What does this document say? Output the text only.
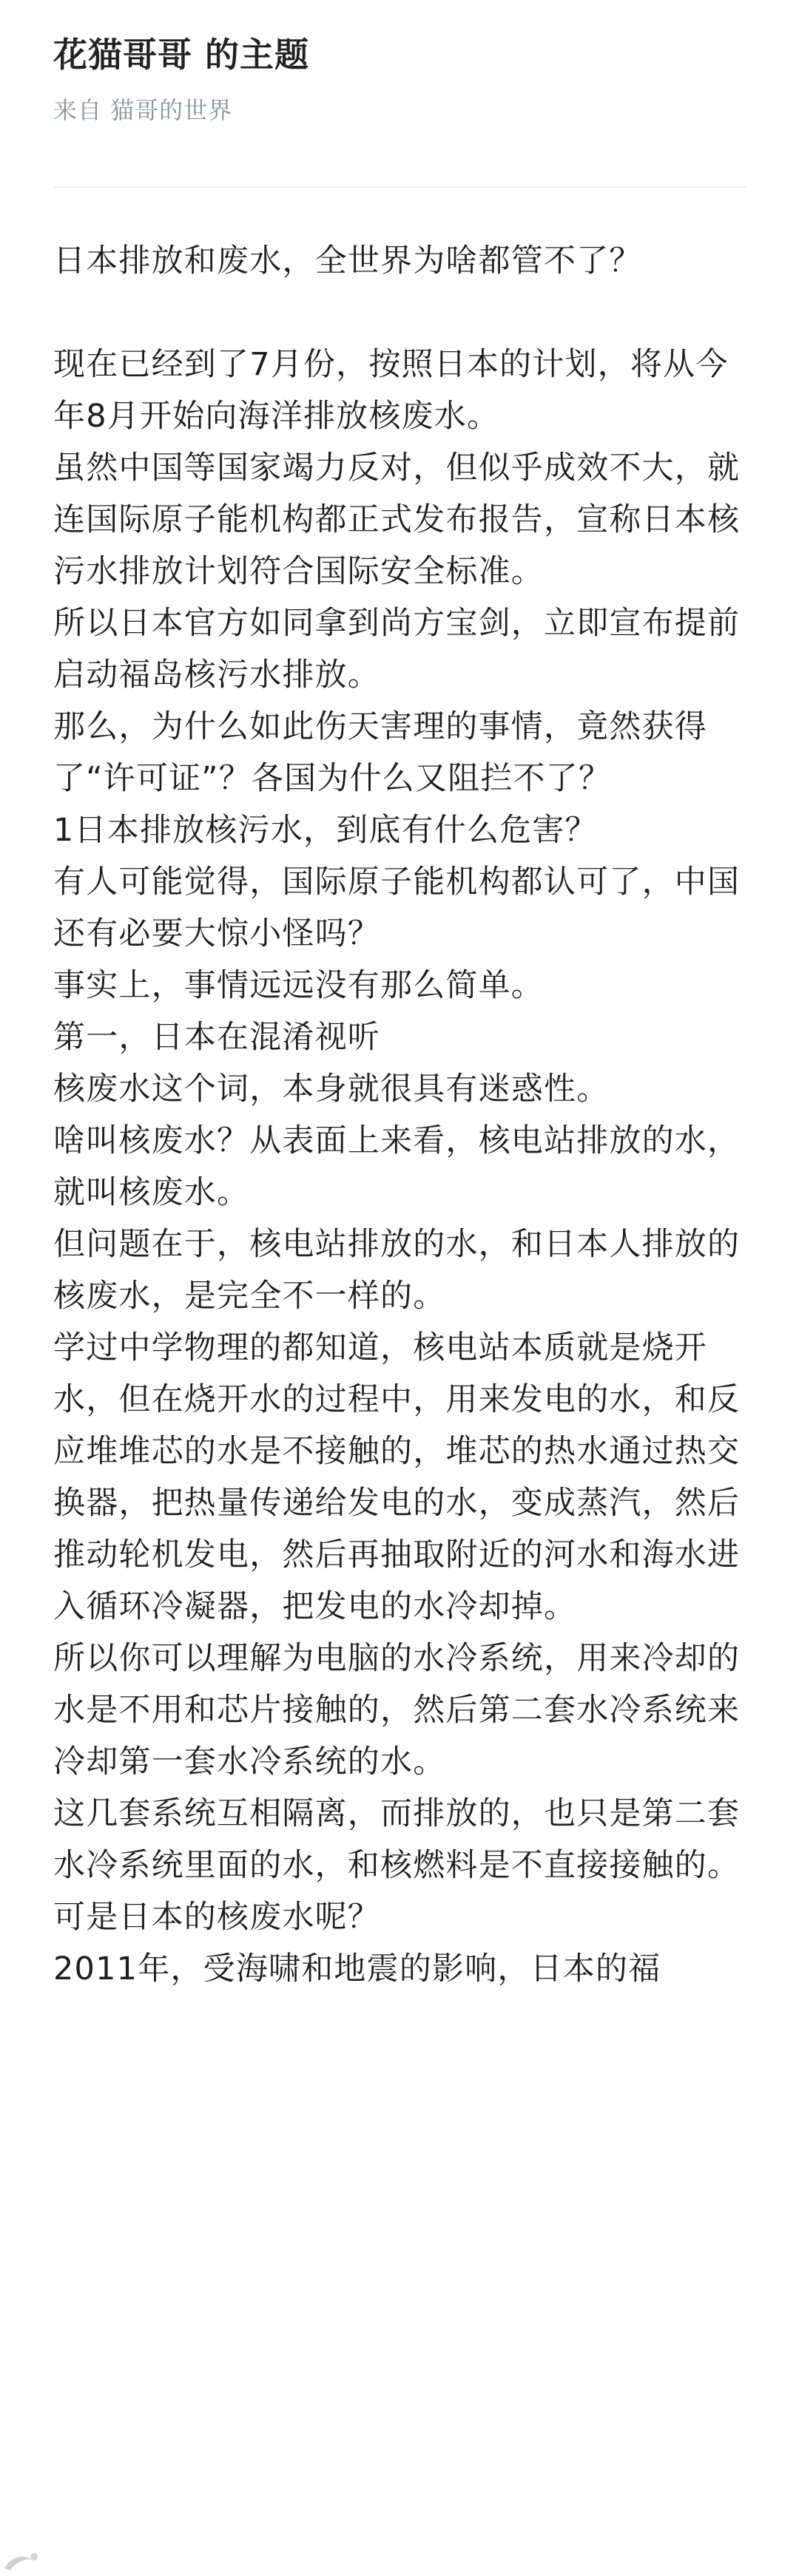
花猫哥哥 的主题
来自 猫哥的世界

日本排放和废水，全世界为啥都管不了？

现在已经到了7月份，按照日本的计划，将从今年8月开始向海洋排放核废水。

虽然中国等国家竭力反对，但似乎成效不大，就连国际原子能机构都正式发布报告，宣称日本核污水排放计划符合国际安全标准。

所以日本官方如同拿到尚方宝剑，立即宣布提前启动福岛核污水排放。

那么，为什么如此伤天害理的事情，竟然获得了“许可证”？各国为什么又阻拦不了？

1日本排放核污水，到底有什么危害？

有人可能觉得，国际原子能机构都认可了，中国还有必要大惊小怪吗？

事实上，事情远远没有那么简单。

第一，日本在混淆视听

核废水这个词，本身就很具有迷惑性。

啥叫核废水？从表面上来看，核电站排放的水，就叫核废水。

但问题在于，核电站排放的水，和日本人排放的核废水，是完全不一样的。

学过中学物理的都知道，核电站本质就是烧开水，但在烧开水的过程中，用来发电的水，和反应堆堆芯的水是不接触的，堆芯的热水通过热交换器，把热量传递给发电的水，变成蒸汽，然后推动轮机发电，然后再抽取附近的河水和海水进入循环冷凝器，把发电的水冷却掉。

所以你可以理解为电脑的水冷系统，用来冷却的水是不用和芯片接触的，然后第二套水冷系统来冷却第一套水冷系统的水。

这几套系统互相隔离，而排放的，也只是第二套水冷系统里面的水，和核燃料是不直接接触的。

可是日本的核废水呢？

2011年，受海啸和地震的影响，日本的福
